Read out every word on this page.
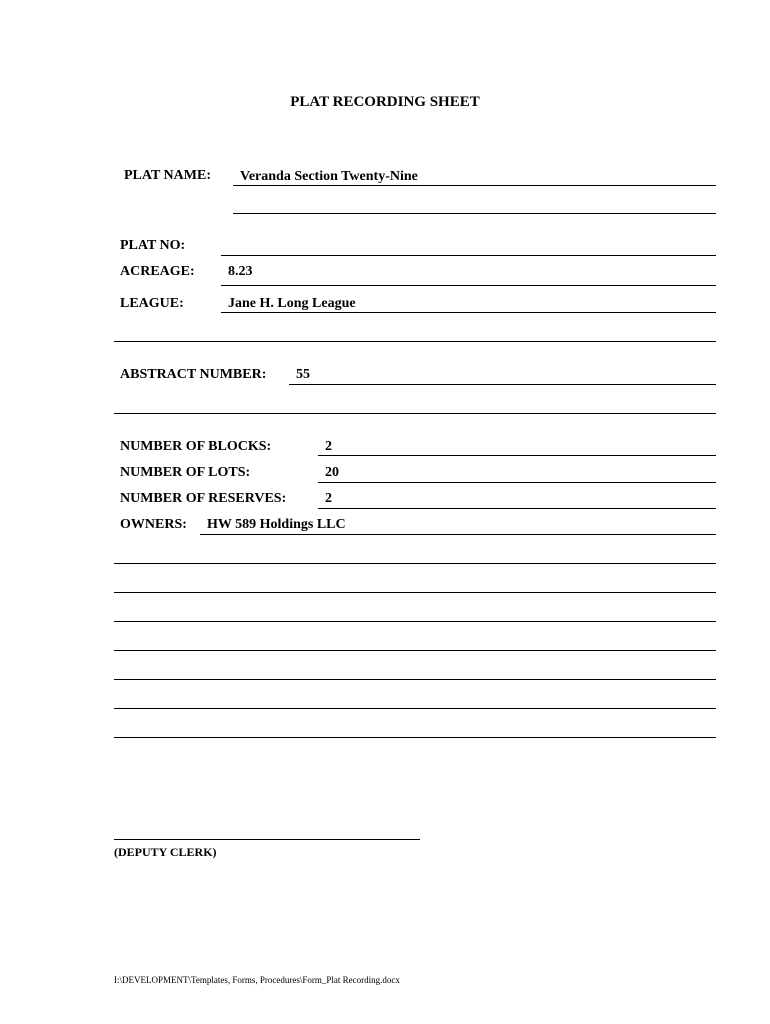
PLAT RECORDING SHEET
PLAT NAME: Veranda Section Twenty-Nine
PLAT NO:
ACREAGE: 8.23
LEAGUE:	Jane H. Long League
ABSTRACT NUMBER: 55
NUMBER OF BLOCKS:	2
NUMBER OF LOTS:	20
NUMBER OF RESERVES:	2
OWNERS: HW 589 Holdings LLC
(DEPUTY CLERK)
I:\DEVELOPMENT\Templates, Forms, Procedures\Form_Plat Recording.docx
